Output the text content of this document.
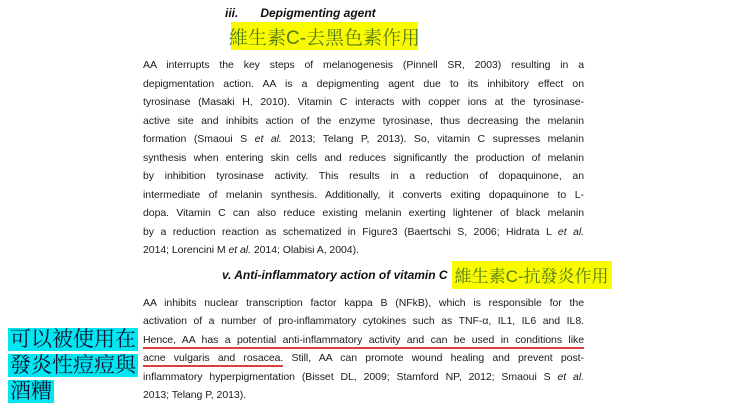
iii. Depigmenting agent
維生素C-去黑色素作用
AA interrupts the key steps of melanogenesis (Pinnell SR, 2003) resulting in a
depigmentation action. AA is a depigmenting agent due to its inhibitory effect on
tyrosinase (Masaki H, 2010). Vitamin C interacts with copper ions at the tyrosinase-
active site and inhibits action of the enzyme tyrosinase, thus decreasing the melanin
formation (Smaoui S et al. 2013; Telang P, 2013). So, vitamin C supresses melanin
synthesis when entering skin cells and reduces significantly the production of melanin
by inhibition tyrosinase activity. This results in a reduction of dopaquinone, an
intermediate of melanin synthesis. Additionally, it converts exiting dopaquinone to L-
dopa. Vitamin C can also reduce existing melanin exerting lightener of black melanin
by a reduction reaction as schematized in Figure3 (Baertschi S, 2006; Hidrata L et al.
2014; Lorencini M et al. 2014; Olabisi A, 2004).
v. Anti-inflammatory action of vitamin C 維生素C-抗發炎作用
AA inhibits nuclear transcription factor kappa B (NFkB), which is responsible for the
activation of a number of pro-inflammatory cytokines such as TNF-α, IL1, IL6 and IL8.
Hence, AA has a potential anti-inflammatory activity and can be used in conditions like
acne vulgaris and rosacea. Still, AA can promote wound healing and prevent post-
inflammatory hyperpigmentation (Bisset DL, 2009; Stamford NP, 2012; Smaoui S et al.
2013; Telang P, 2013).
可以被使用在
發炎性痘痘與
酒糟
